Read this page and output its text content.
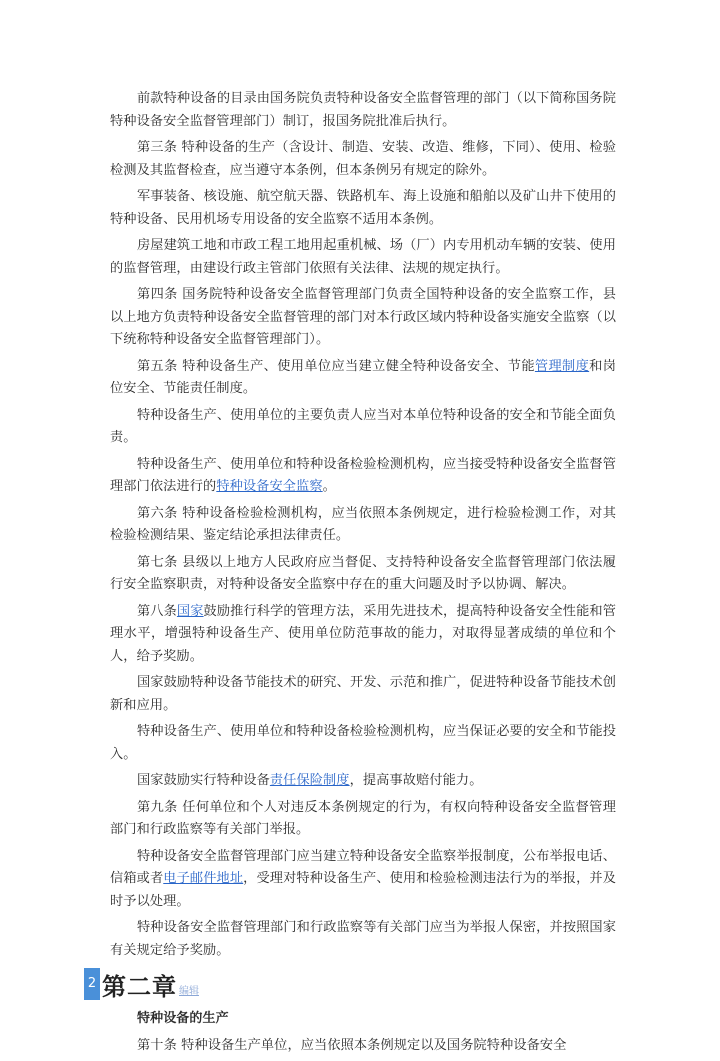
前款特种设备的目录由国务院负责特种设备安全监督管理的部门（以下简称国务院特种设备安全监督管理部门）制订，报国务院批准后执行。

第三条 特种设备的生产（含设计、制造、安装、改造、维修，下同）、使用、检验检测及其监督检查，应当遵守本条例，但本条例另有规定的除外。

军事装备、核设施、航空航天器、铁路机车、海上设施和船舶以及矿山井下使用的特种设备、民用机场专用设备的安全监察不适用本条例。

房屋建筑工地和市政工程工地用起重机械、场（厂）内专用机动车辆的安装、使用的监督管理，由建设行政主管部门依照有关法律、法规的规定执行。

第四条 国务院特种设备安全监督管理部门负责全国特种设备的安全监察工作，县以上地方负责特种设备安全监督管理的部门对本行政区域内特种设备实施安全监察（以下统称特种设备安全监督管理部门）。

第五条 特种设备生产、使用单位应当建立健全特种设备安全、节能管理制度和岗位安全、节能责任制度。

特种设备生产、使用单位的主要负责人应当对本单位特种设备的安全和节能全面负责。

特种设备生产、使用单位和特种设备检验检测机构，应当接受特种设备安全监督管理部门依法进行的特种设备安全监察。

第六条 特种设备检验检测机构，应当依照本条例规定，进行检验检测工作，对其检验检测结果、鉴定结论承担法律责任。

第七条 县级以上地方人民政府应当督促、支持特种设备安全监督管理部门依法履行安全监察职责，对特种设备安全监察中存在的重大问题及时予以协调、解决。

第八条国家鼓励推行科学的管理方法，采用先进技术，提高特种设备安全性能和管理水平，增强特种设备生产、使用单位防范事故的能力，对取得显著成绩的单位和个人，给予奖励。

国家鼓励特种设备节能技术的研究、开发、示范和推广，促进特种设备节能技术创新和应用。

特种设备生产、使用单位和特种设备检验检测机构，应当保证必要的安全和节能投入。

国家鼓励实行特种设备责任保险制度，提高事故赔付能力。

第九条 任何单位和个人对违反本条例规定的行为，有权向特种设备安全监督管理部门和行政监察等有关部门举报。

特种设备安全监督管理部门应当建立特种设备安全监察举报制度，公布举报电话、信箱或者电子邮件地址，受理对特种设备生产、使用和检验检测违法行为的举报，并及时予以处理。

特种设备安全监督管理部门和行政监察等有关部门应当为举报人保密，并按照国家有关规定给予奖励。

2 第二章 编辑

特种设备的生产

第十条 特种设备生产单位，应当依照本条例规定以及国务院特种设备安全
